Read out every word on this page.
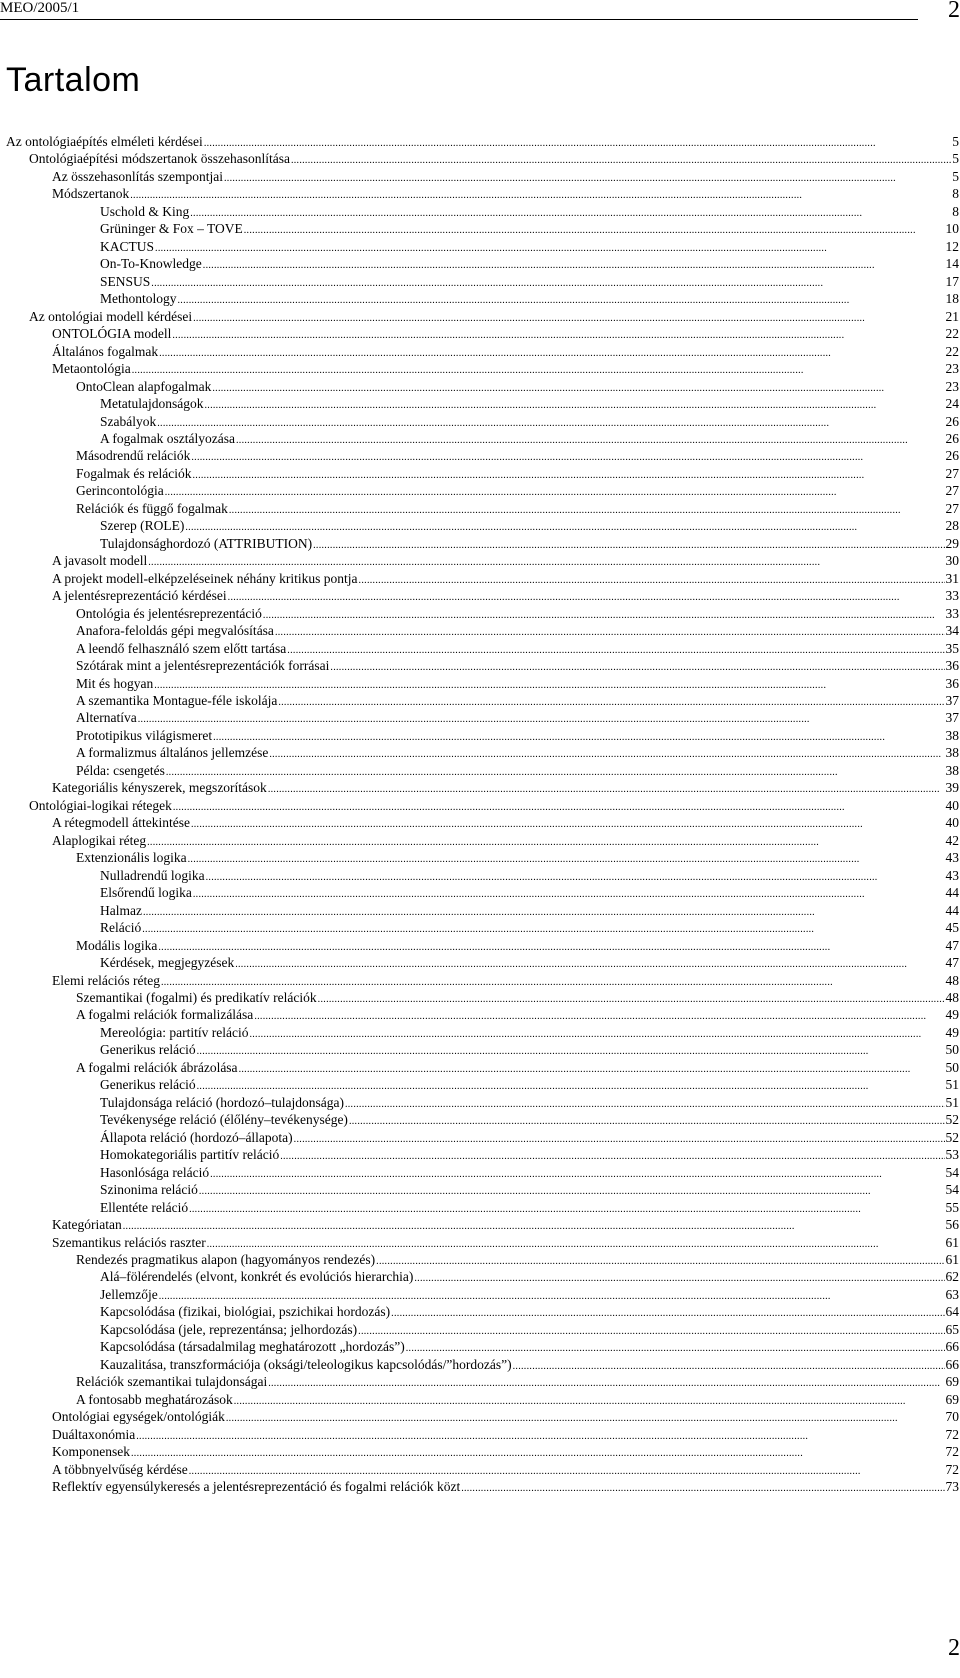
MEO/2005/1	2
Tartalom
Az ontológiaépítés elméleti kérdései .....	5
Ontológiaépítési módszertanok összehasonlítása .....	5
Az összehasonlítás szempontjai .....	5
Módszertanok .....	8
Uschold & King .....	8
Grüninger & Fox – TOVE .....	10
KACTUS .....	12
On-To-Knowledge .....	14
SENSUS .....	17
Methontology .....	18
Az ontológiai modell kérdései .....	21
ONTOLÓGIA modell .....	22
Általános fogalmak .....	22
Metaontológia .....	23
OntoClean alapfogalmak .....	23
Metatulajdonságok .....	24
Szabályok .....	26
A fogalmak osztályozása .....	26
Másodrendű relációk .....	26
Fogalmak és relációk .....	27
Gerincontológia .....	27
Relációk és függő fogalmak .....	27
Szerep (ROLE) .....	28
Tulajdonsághordozó (ATTRIBUTION) .....	29
A javasolt modell .....	30
A projekt modell-elképzeléseinek néhány kritikus pontja .....	31
A jelentésreprezentáció kérdései .....	33
Ontológia és jelentésreprezentáció .....	33
Anafora-feloldás gépi megvalósítása .....	34
A leendő felhasználó szem előtt tartása .....	35
Szótárak mint a jelentésreprezentációk forrásai .....	36
Mit és hogyan .....	36
A szemantika Montague-féle iskolája .....	37
Alternatíva .....	37
Prototipikus világismeret .....	38
A formalizmus általános jellemzése .....	38
Példa: csengetés .....	38
Kategoriális kényszerek, megszorítások .....	39
Ontológiai-logikai rétegek .....	40
A rétegmodell áttekintése .....	40
Alaplogikai réteg .....	42
Extenzionális logika .....	43
Nulladrendű logika .....	43
Elsőrendű logika .....	44
Halmaz .....	44
Reláció .....	45
Modális logika .....	47
Kérdések, megjegyzések .....	47
Elemi relációs réteg .....	48
Szemantikai (fogalmi) és predikatív relációk .....	48
A fogalmi relációk formalizálása .....	49
Mereológia: partitív reláció .....	49
Generikus reláció .....	50
A fogalmi relációk ábrázolása .....	50
Generikus reláció .....	51
Tulajdonsága reláció (hordozó–tulajdonsága) .....	51
Tevékenysége reláció (élőlény–tevékenysége) .....	52
Állapota reláció (hordozó–állapota) .....	52
Homokategoriális partitív reláció .....	53
Hasonlósága reláció .....	54
Szinonima reláció .....	54
Ellentéte reláció .....	55
Kategóriatan .....	56
Szemantikus relációs raszter .....	61
Rendezés pragmatikus alapon (hagyományos rendezés) .....	61
Alá–fölérendelés (elvont, konkrét és evolúciós hierarchia) .....	62
Jellemzője .....	63
Kapcsolódása (fizikai, biológiai, pszichikai hordozás) .....	64
Kapcsolódása (jele, reprezentánsa; jelhordozás) .....	65
Kapcsolódása (társadalmilag meghatározott „hordozás”) .....	66
Kauzalitása, transzformációja (oksági/teleologikus kapcsolódás/”hordozás”) .....	66
Relációk szemantikai tulajdonságai .....	69
A fontosabb meghatározások .....	69
Ontológiai egységek/ontológiák .....	70
Duáltaxonómia .....	72
Komponensek .....	72
A többnyelvűség kérdése .....	72
Reflektív egyensúlykeresés a jelentésreprezentáció és fogalmi relációk közt .....	73
2
